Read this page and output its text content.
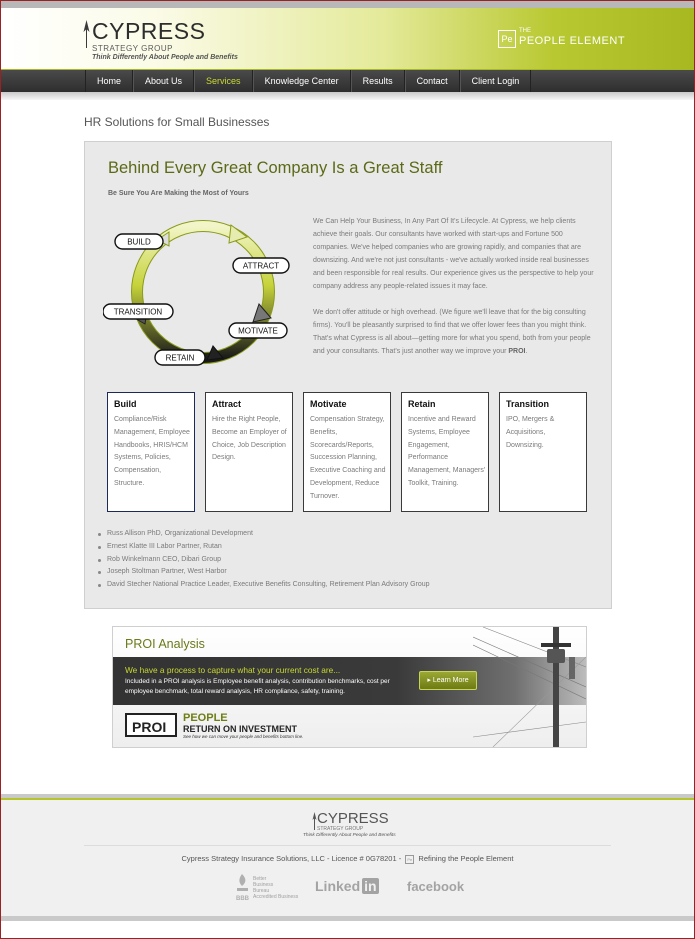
CYPRESS
STRATEGY GROUP
Think Differently About People and Benefits
Pe
THE
PEOPLE ELEMENT
Home	About Us	Services	Knowledge Center	Results	Contact	Client Login
HR Solutions for Small Businesses
Behind Every Great Company Is a Great Staff
Be Sure You Are Making the Most of Yours
BUILD
ATTRACT
MOTIVATE
RETAIN
TRANSITION
We Can Help Your Business, In Any Part Of It's Lifecycle. At Cypress, we help clients achieve their goals. Our consultants have worked with start-ups and Fortune 500 companies. We've helped companies who are growing rapidly, and companies that are downsizing. And we're not just consultants - we've actually worked inside real businesses and been responsible for real results. Our experience gives us the perspective to help your company address any people-related issues it may face.
We don't offer attitude or high overhead. (We figure we'll leave that for the big consulting firms). You'll be pleasantly surprised to find that we offer lower fees than you might think. That's what Cypress is all about—getting more for what you spend, both from your people and your consultants. That's just another way we improve your PROI.
Build
Compliance/Risk Management, Employee Handbooks, HRIS/HCM Systems, Policies, Compensation, Structure.
Attract
Hire the Right People, Become an Employer of Choice, Job Description Design.
Motivate
Compensation Strategy, Benefits, Scorecards/Reports, Succession Planning, Executive Coaching and Development, Reduce Turnover.
Retain
Incentive and Reward Systems, Employee Engagement, Performance Management, Managers' Toolkit, Training.
Transition
IPO, Mergers & Acquisitions, Downsizing.
Russ Allison PhD, Organizational Development
Ernest Klatte III Labor Partner, Rutan
Rob Winkelmann CEO, Dibari Group
Joseph Stoltman Partner, West Harbor
David Stecher National Practice Leader, Executive Benefits Consulting, Retirement Plan Advisory Group
PROI Analysis
We have a process to capture what your current cost are...
Included in a PROI analysis is Employee benefit analysis, contribution benchmarks, cost per employee benchmark, total reward analysis, HR compliance, safety, training.
▸ Learn More
PROI
PEOPLE
RETURN ON INVESTMENT
See how we can move your people and benefits bottom line.
CYPRESS
STRATEGY GROUP
Think Differently About People and Benefits
Cypress Strategy Insurance Solutions, LLC - Licence # 0G78201 - Pe Refining the People Element
BBB
Better
Business
Bureau
Accredited Business
Linked in facebook
